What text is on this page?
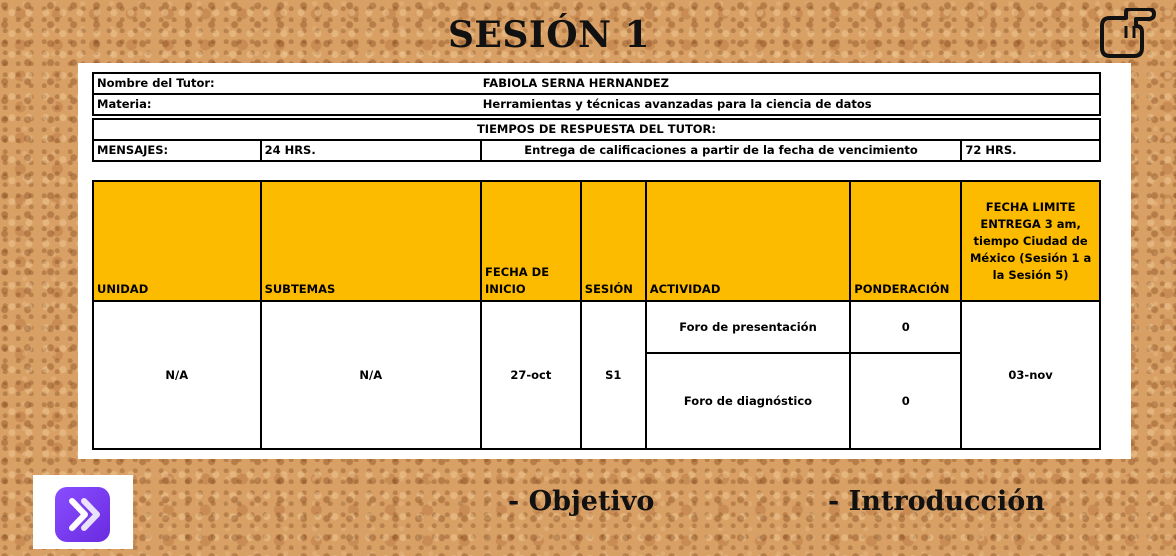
SESIÓN 1
Nombre del Tutor:		FABIOLA SERNA HERNANDEZ	
Materia:		Herramientas y técnicas avanzadas para la ciencia de datos	

TIEMPOS DE RESPUESTA DEL TUTOR:			
MENSAJES:	24 HRS.	Entrega de calificaciones a partir de la fecha de vencimiento	72 HRS.
UNIDAD	SUBTEMAS	FECHA DE INICIO	SESIÓN	ACTIVIDAD	PONDERACIÓN	FECHA LIMITE ENTREGA 3 am, tiempo Ciudad de México (Sesión 1 a la Sesión 5)
N/A	N/A	27-oct	S1	Foro de presentación	0	03-nov
				Foro de diagnóstico	0	
- Objetivo	- Introducción
